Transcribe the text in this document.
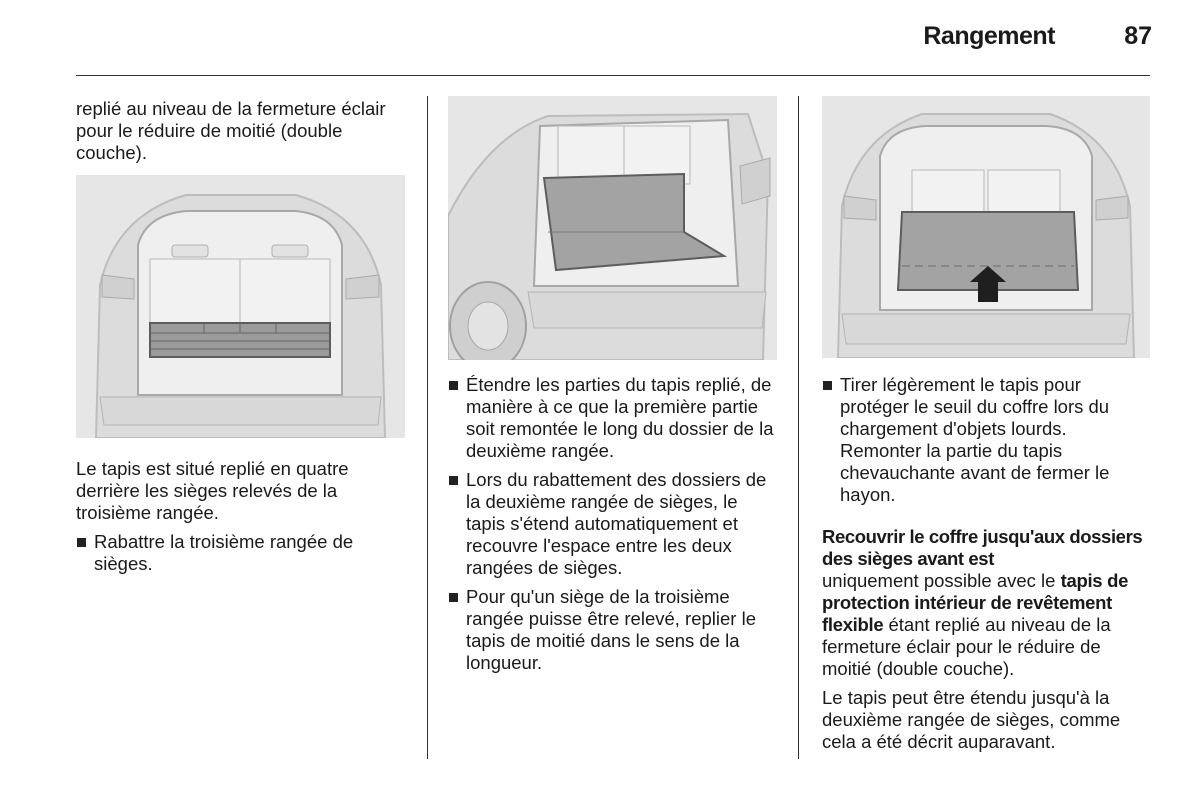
Rangement	87

replié au niveau de la fermeture éclair pour le réduire de moitié (double couche).

Le tapis est situé replié en quatre derrière les sièges relevés de la troisième rangée.

Rabattre la troisième rangée de sièges.
Étendre les parties du tapis replié, de manière à ce que la première partie soit remontée le long du dossier de la deuxième rangée.
Lors du rabattement des dossiers de la deuxième rangée de sièges, le tapis s'étend automatiquement et recouvre l'espace entre les deux rangées de sièges.
Pour qu'un siège de la troisième rangée puisse être relevé, replier le tapis de moitié dans le sens de la longueur.
Tirer légèrement le tapis pour protéger le seuil du coffre lors du chargement d'objets lourds. Remonter la partie du tapis chevauchante avant de fermer le hayon.

Recouvrir le coffre jusqu'aux dossiers des sièges avant est

uniquement possible avec le tapis de protection intérieur de revêtement flexible étant replié au niveau de la fermeture éclair pour le réduire de moitié (double couche).

Le tapis peut être étendu jusqu'à la deuxième rangée de sièges, comme cela a été décrit auparavant.
